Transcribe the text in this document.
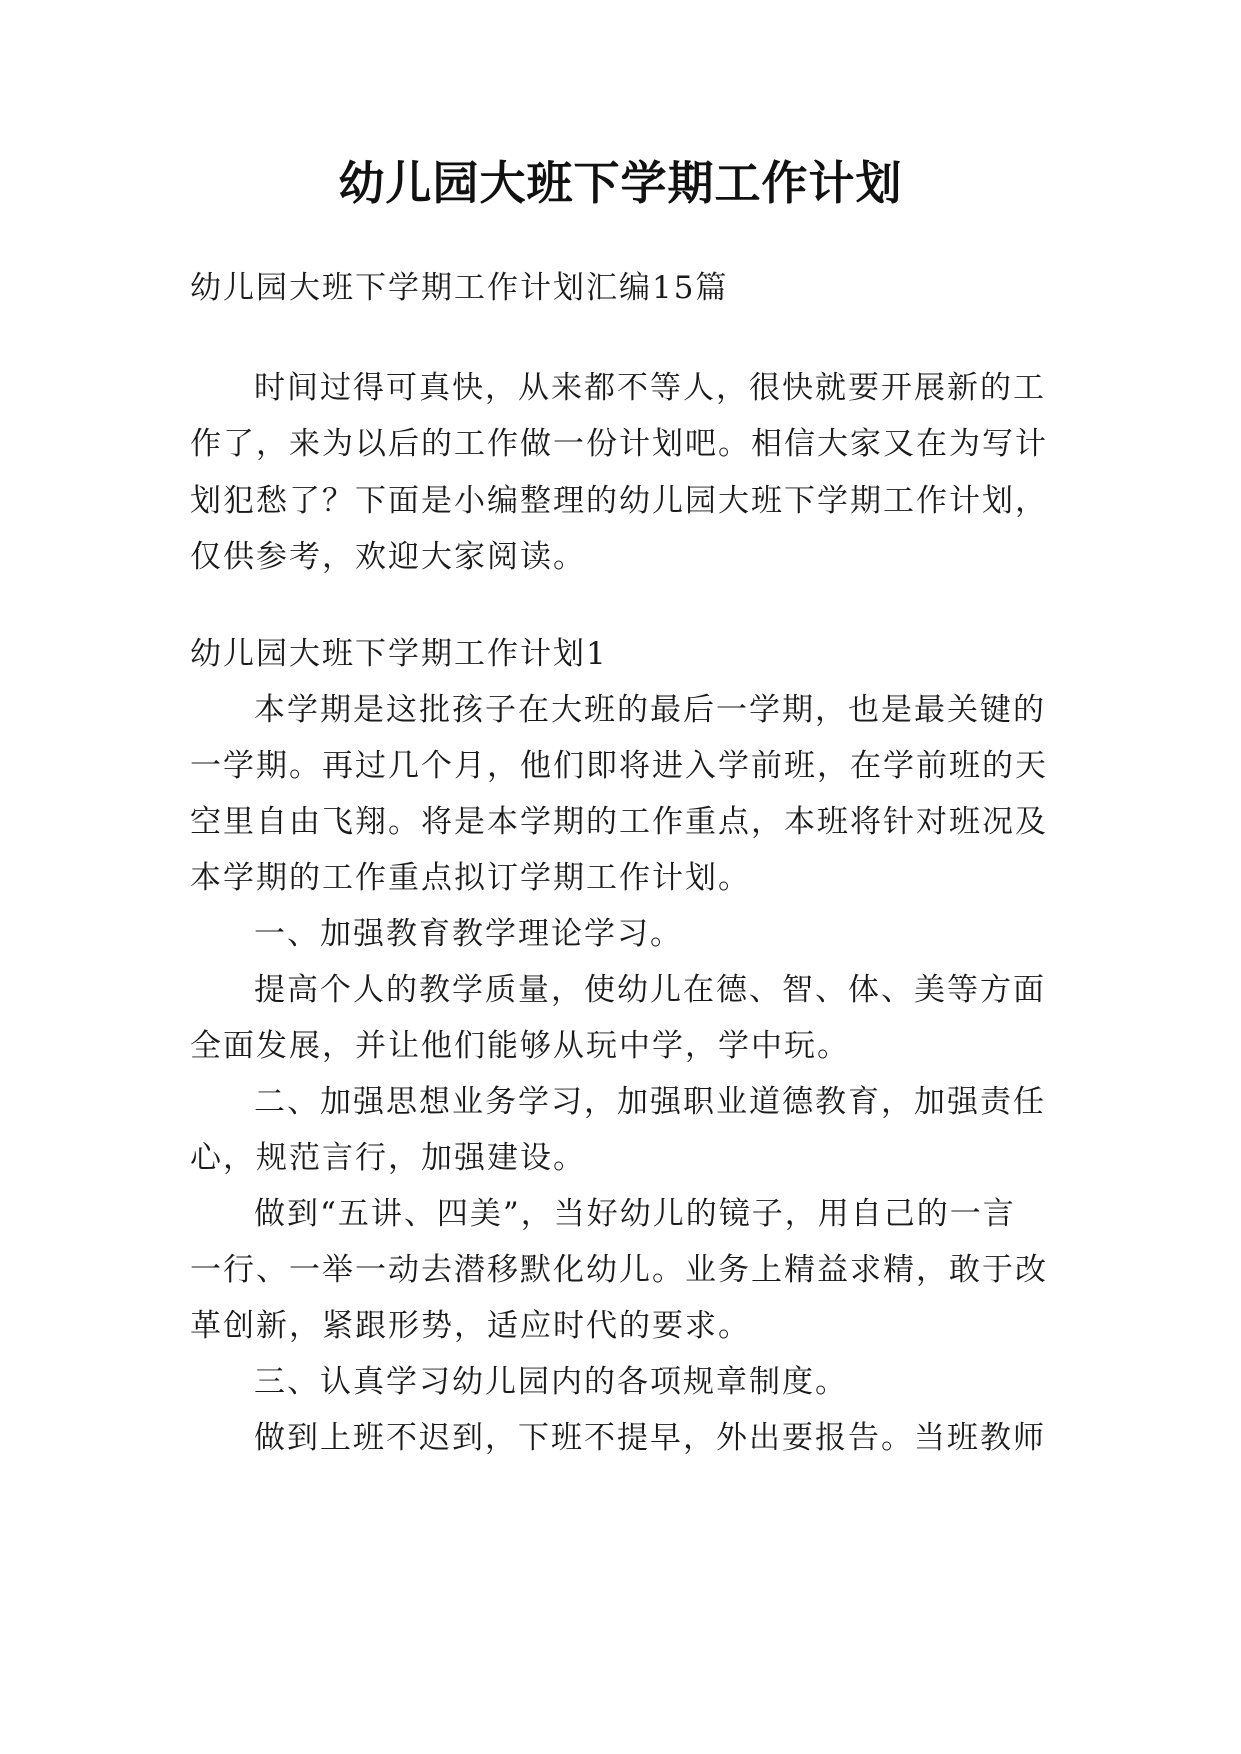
幼儿园大班下学期工作计划
幼儿园大班下学期工作计划汇编15篇
时间过得可真快，从来都不等人，很快就要开展新的工
作了，来为以后的工作做一份计划吧。相信大家又在为写计
划犯愁了？下面是小编整理的幼儿园大班下学期工作计划，
仅供参考，欢迎大家阅读。
幼儿园大班下学期工作计划1
本学期是这批孩子在大班的最后一学期，也是最关键的
一学期。再过几个月，他们即将进入学前班，在学前班的天
空里自由飞翔。将是本学期的工作重点，本班将针对班况及
本学期的工作重点拟订学期工作计划。
一、加强教育教学理论学习。
提高个人的教学质量，使幼儿在德、智、体、美等方面
全面发展，并让他们能够从玩中学，学中玩。
二、加强思想业务学习，加强职业道德教育，加强责任
心，规范言行，加强建设。
做到“五讲、四美”，当好幼儿的镜子，用自己的一言
一行、一举一动去潜移默化幼儿。业务上精益求精，敢于改
革创新，紧跟形势，适应时代的要求。
三、认真学习幼儿园内的各项规章制度。
做到上班不迟到，下班不提早，外出要报告。当班教师
